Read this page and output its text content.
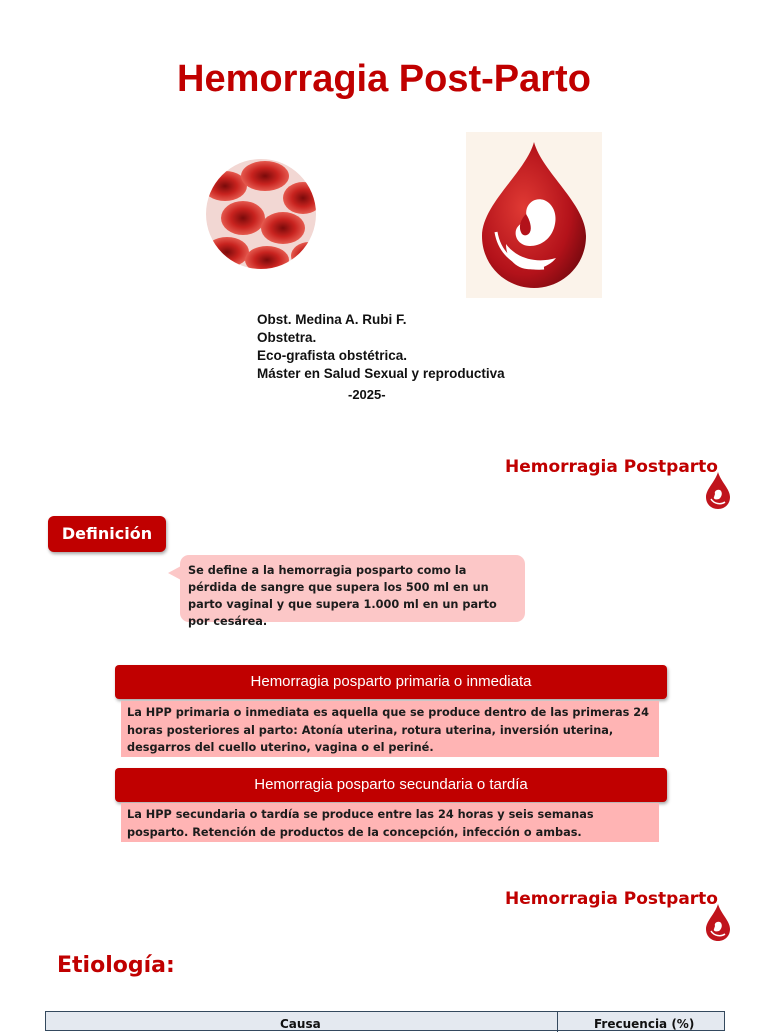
Hemorragia Post-Parto
Obst. Medina A. Rubi F.
Obstetra.
Eco-grafista obstétrica.
Máster en Salud Sexual y reproductiva
-2025-
Hemorragia Postparto
Definición
Se define a la hemorragia posparto como la pérdida de sangre que supera los 500 ml en un parto vaginal y que supera 1.000 ml en un parto por cesárea.
Hemorragia posparto primaria o inmediata
La HPP primaria o inmediata es aquella que se produce dentro de las primeras 24 horas posteriores al parto: Atonía uterina, rotura uterina, inversión uterina, desgarros del cuello uterino, vagina o el periné.
Hemorragia posparto secundaria o tardía
La HPP secundaria o tardía se produce entre las 24 horas y seis semanas posparto. Retención de productos de la concepción, infección o ambas.
Hemorragia Postparto
Etiología:
Causa	Frecuencia (%)
